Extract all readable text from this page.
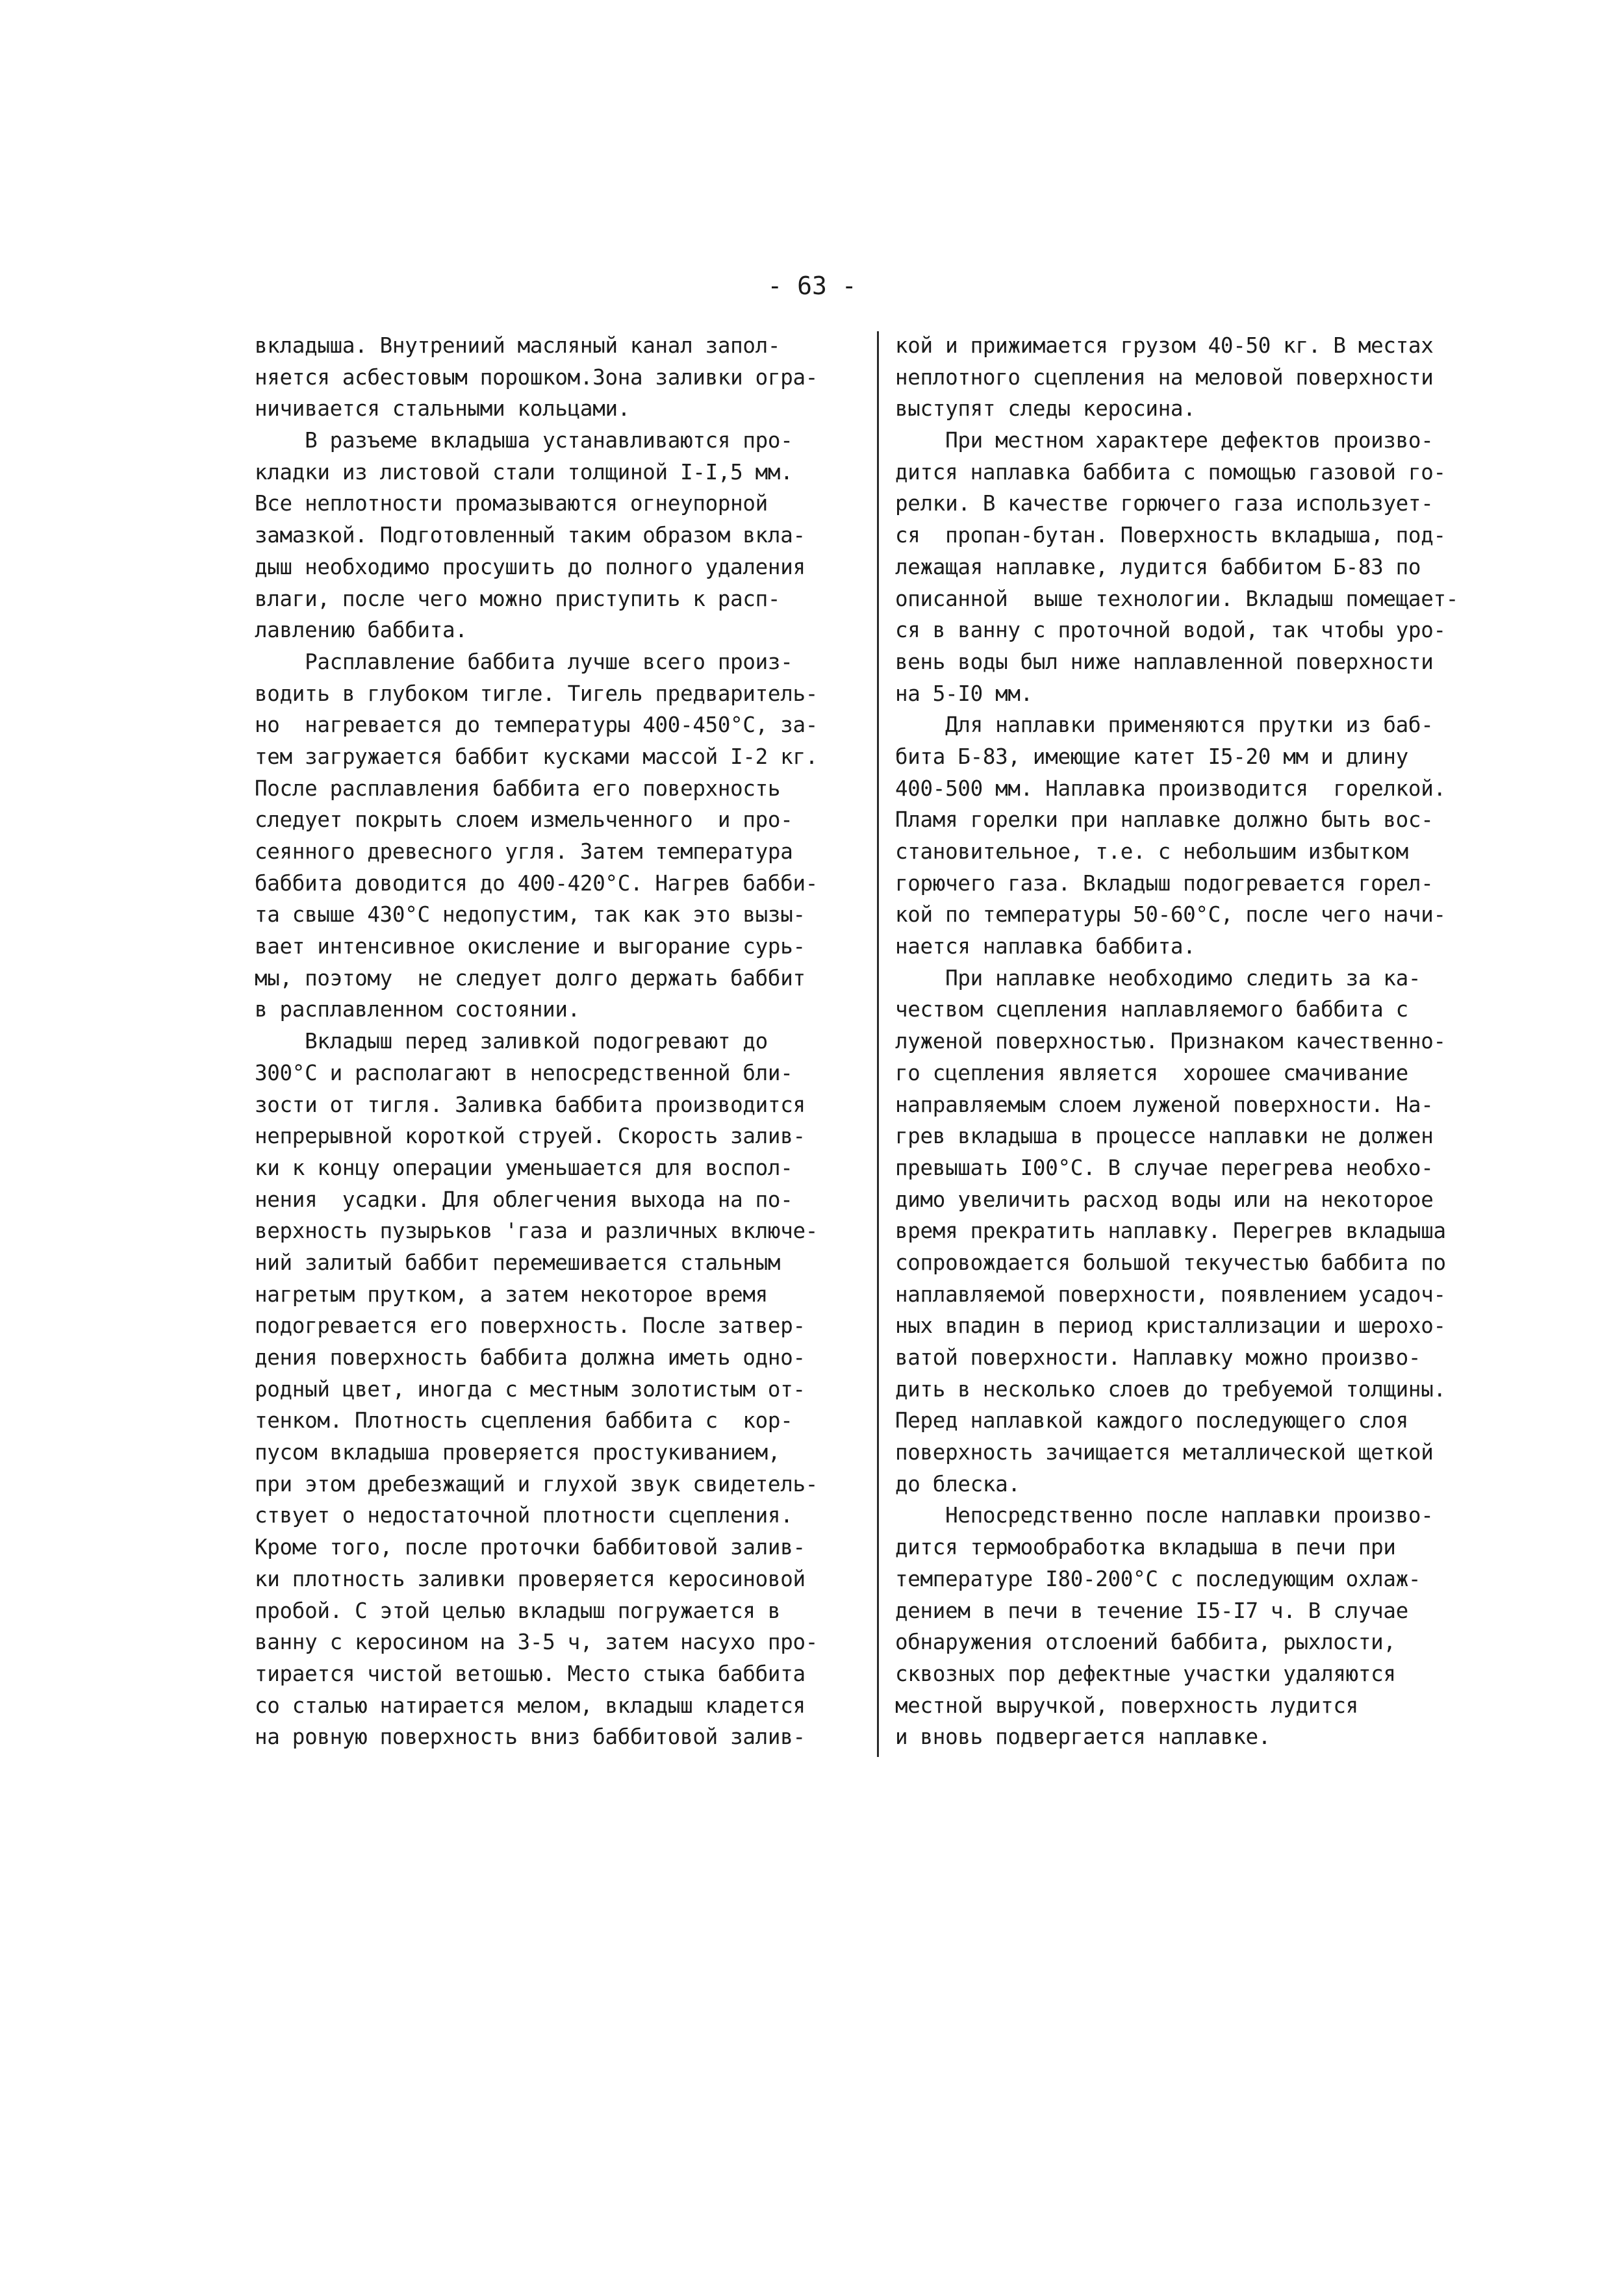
- 63 -
вкладыша. Внутрениий масляный канал запол-
няется асбестовым порошком.Зона заливки огра-
ничивается стальными кольцами.
В разъеме вкладыша устанавливаются про-
кладки из листовой стали толщиной I-I,5 мм.
Все неплотности промазываются огнеупорной
замазкой. Подготовленный таким образом вкла-
дыш необходимо просушить до полного удаления
влаги, после чего можно приступить к расп-
лавлению баббита.
Расплавление баббита лучше всего произ-
водить в глубоком тигле. Тигель предваритель-
но  нагревается до температуры 400-450°С, за-
тем загружается баббит кусками массой I-2 кг.
После расплавления баббита его поверхность
следует покрыть слоем измельченного  и про-
сеянного древесного угля. Затем температура
баббита доводится до 400-420°С. Нагрев бабби-
та свыше 430°С недопустим, так как это вызы-
вает интенсивное окисление и выгорание сурь-
мы, поэтому  не следует долго держать баббит
в расплавленном состоянии.
Вкладыш перед заливкой подогревают до
300°С и располагают в непосредственной бли-
зости от тигля. Заливка баббита производится
непрерывной короткой струей. Скорость залив-
ки к концу операции уменьшается для воспол-
нения  усадки. Для облегчения выхода на по-
верхность пузырьков 'газа и различных включе-
ний залитый баббит перемешивается стальным
нагретым прутком, а затем некоторое время
подогревается его поверхность. После затвер-
дения поверхность баббита должна иметь одно-
родный цвет, иногда с местным золотистым от-
тенком. Плотность сцепления баббита с  кор-
пусом вкладыша проверяется простукиванием,
при этом дребезжащий и глухой звук свидетель-
ствует о недостаточной плотности сцепления.
Кроме того, после проточки баббитовой залив-
ки плотность заливки проверяется керосиновой
пробой. С этой целью вкладыш погружается в
ванну с керосином на 3-5 ч, затем насухо про-
тирается чистой ветошью. Место стыка баббита
со сталью натирается мелом, вкладыш кладется
на ровную поверхность вниз баббитовой залив-
кой и прижимается грузом 40-50 кг. В местах
неплотного сцепления на меловой поверхности
выступят следы керосина.
При местном характере дефектов произво-
дится наплавка баббита с помощью газовой го-
релки. В качестве горючего газа использует-
ся  пропан-бутан. Поверхность вкладыша, под-
лежащая наплавке, лудится баббитом Б-83 по
описанной  выше технологии. Вкладыш помещает-
ся в ванну с проточной водой, так чтобы уро-
вень воды был ниже наплавленной поверхности
на 5-I0 мм.
Для наплавки применяются прутки из баб-
бита Б-83, имеющие катет I5-20 мм и длину
400-500 мм. Наплавка производится  горелкой.
Пламя горелки при наплавке должно быть вос-
становительное, т.е. с небольшим избытком
горючего газа. Вкладыш подогревается горел-
кой по температуры 50-60°С, после чего начи-
нается наплавка баббита.
При наплавке необходимо следить за ка-
чеством сцепления наплавляемого баббита с
луженой поверхностью. Признаком качественно-
го сцепления является  хорошее смачивание
направляемым слоем луженой поверхности. На-
грев вкладыша в процессе наплавки не должен
превышать I00°С. В случае перегрева необхо-
димо увеличить расход воды или на некоторое
время прекратить наплавку. Перегрев вкладыша
сопровождается большой текучестью баббита по
наплавляемой поверхности, появлением усадоч-
ных впадин в период кристаллизации и шерохо-
ватой поверхности. Наплавку можно произво-
дить в несколько слоев до требуемой толщины.
Перед наплавкой каждого последующего слоя
поверхность зачищается металлической щеткой
до блеска.
Непосредственно после наплавки произво-
дится термообработка вкладыша в печи при
температуре I80-200°С с последующим охлаж-
дением в печи в течение I5-I7 ч. В случае
обнаружения отслоений баббита, рыхлости,
сквозных пор дефектные участки удаляются
местной выручкой, поверхность лудится
и вновь подвергается наплавке.
